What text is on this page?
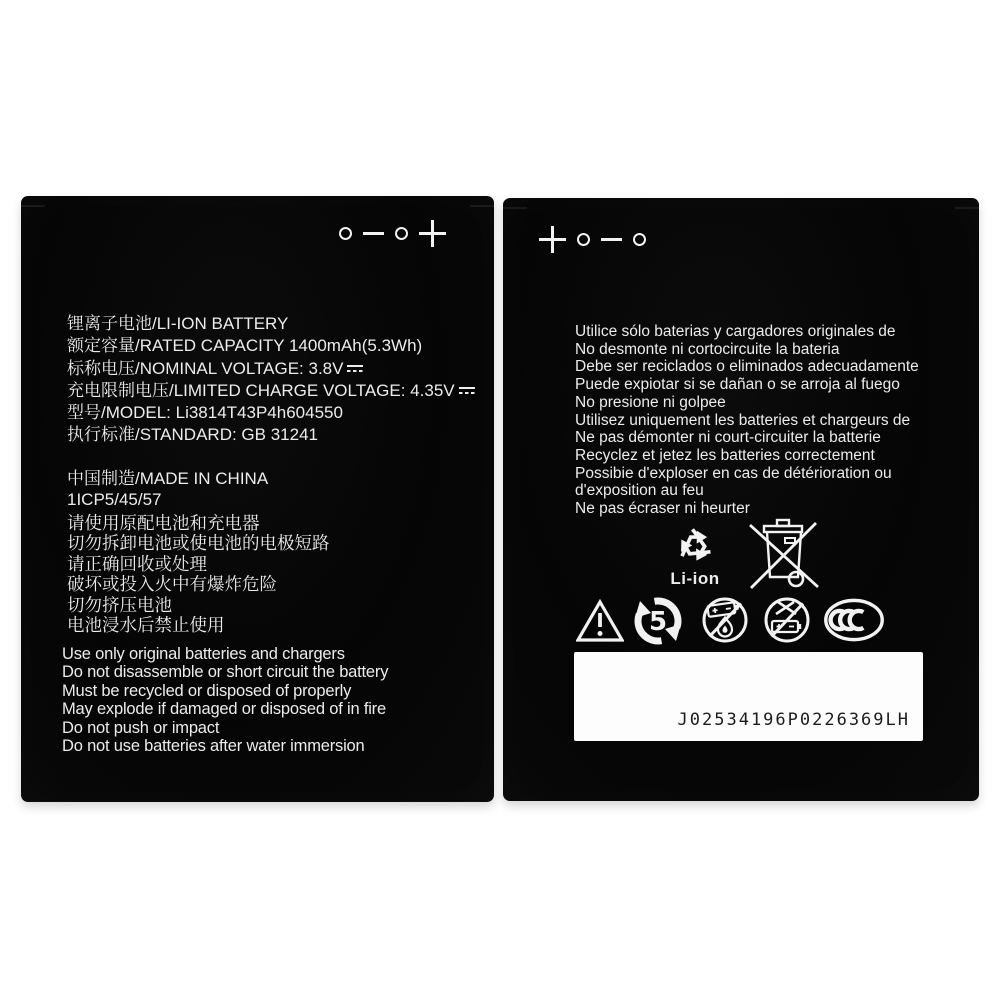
锂离子电池/LI-ION BATTERY
额定容量/RATED CAPACITY 1400mAh(5.3Wh)
标称电压/NOMINAL VOLTAGE: 3.8V
充电限制电压/LIMITED CHARGE VOLTAGE: 4.35V
型号/MODEL: Li3814T43P4h604550
执行标准/STANDARD: GB 31241
中国制造/MADE IN CHINA
1ICP5/45/57
请使用原配电池和充电器
切勿拆卸电池或使电池的电极短路
请正确回收或处理
破坏或投入火中有爆炸危险
切勿挤压电池
电池浸水后禁止使用
Use only original batteries and chargers
Do not disassemble or short circuit the battery
Must be recycled or disposed of properly
May explode if damaged or disposed of in fire
Do not push or impact
Do not use batteries after water immersion
Utilice sólo baterias y cargadores originales de
No desmonte ni cortocircuite la bateria
Debe ser reciclados o eliminados adecuadamente
Puede expiotar si se dañan o se arroja al fuego
No presione ni golpee
Utilisez uniquement les batteries et chargeurs de
Ne pas démonter ni court-circuiter la batterie
Recyclez et jetez les batteries correctement
Possibie d'exploser en cas de détérioration ou
d'exposition au feu
Ne pas écraser ni heurter
Li-ion
5
J02534196P0226369LH
